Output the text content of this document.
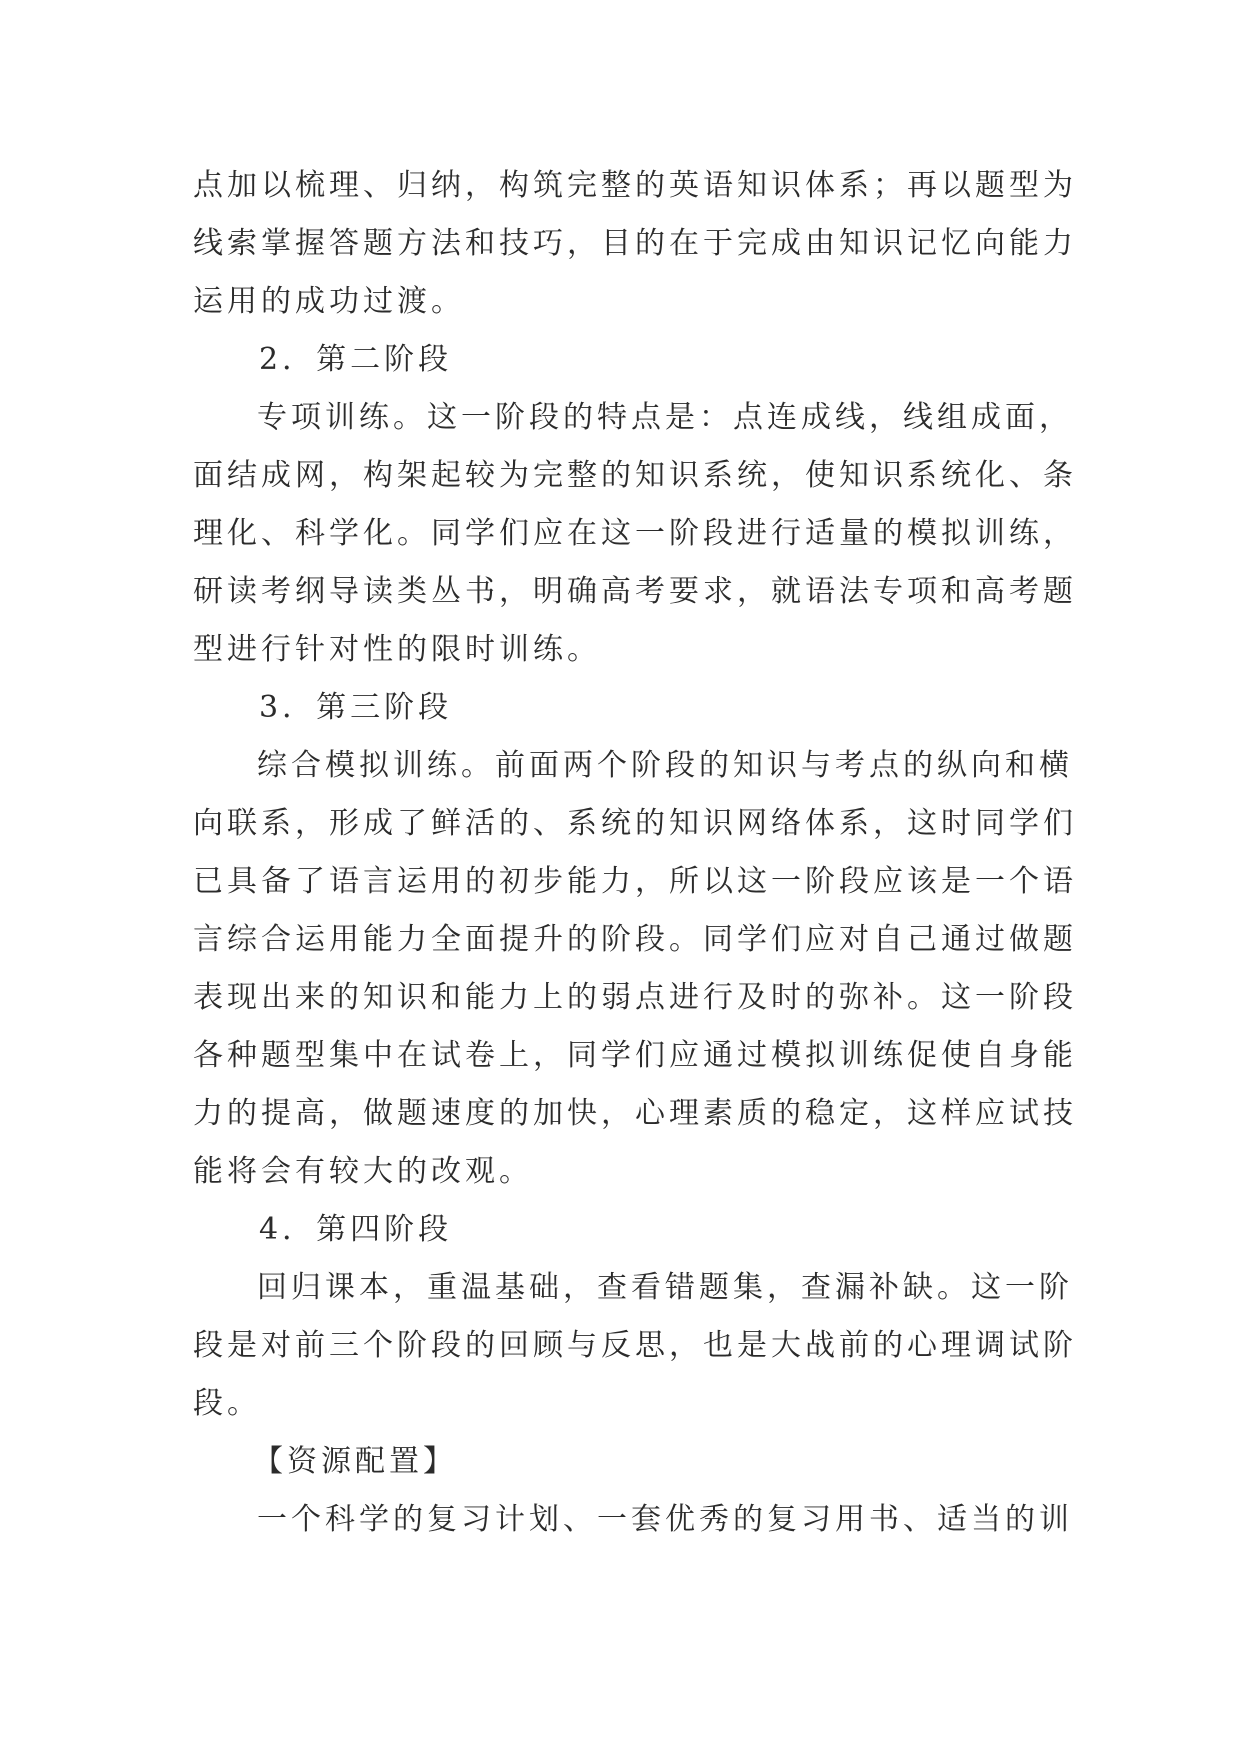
点加以梳理、归纳，构筑完整的英语知识体系；再以题型为
线索掌握答题方法和技巧，目的在于完成由知识记忆向能力
运用的成功过渡。
2．第二阶段
专项训练。这一阶段的特点是：点连成线，线组成面，
面结成网，构架起较为完整的知识系统，使知识系统化、条
理化、科学化。同学们应在这一阶段进行适量的模拟训练，
研读考纲导读类丛书，明确高考要求，就语法专项和高考题
型进行针对性的限时训练。
3．第三阶段
综合模拟训练。前面两个阶段的知识与考点的纵向和横
向联系，形成了鲜活的、系统的知识网络体系，这时同学们
已具备了语言运用的初步能力，所以这一阶段应该是一个语
言综合运用能力全面提升的阶段。同学们应对自己通过做题
表现出来的知识和能力上的弱点进行及时的弥补。这一阶段
各种题型集中在试卷上，同学们应通过模拟训练促使自身能
力的提高，做题速度的加快，心理素质的稳定，这样应试技
能将会有较大的改观。
4．第四阶段
回归课本，重温基础，查看错题集，查漏补缺。这一阶
段是对前三个阶段的回顾与反思，也是大战前的心理调试阶
段。
【资源配置】
一个科学的复习计划、一套优秀的复习用书、适当的训
